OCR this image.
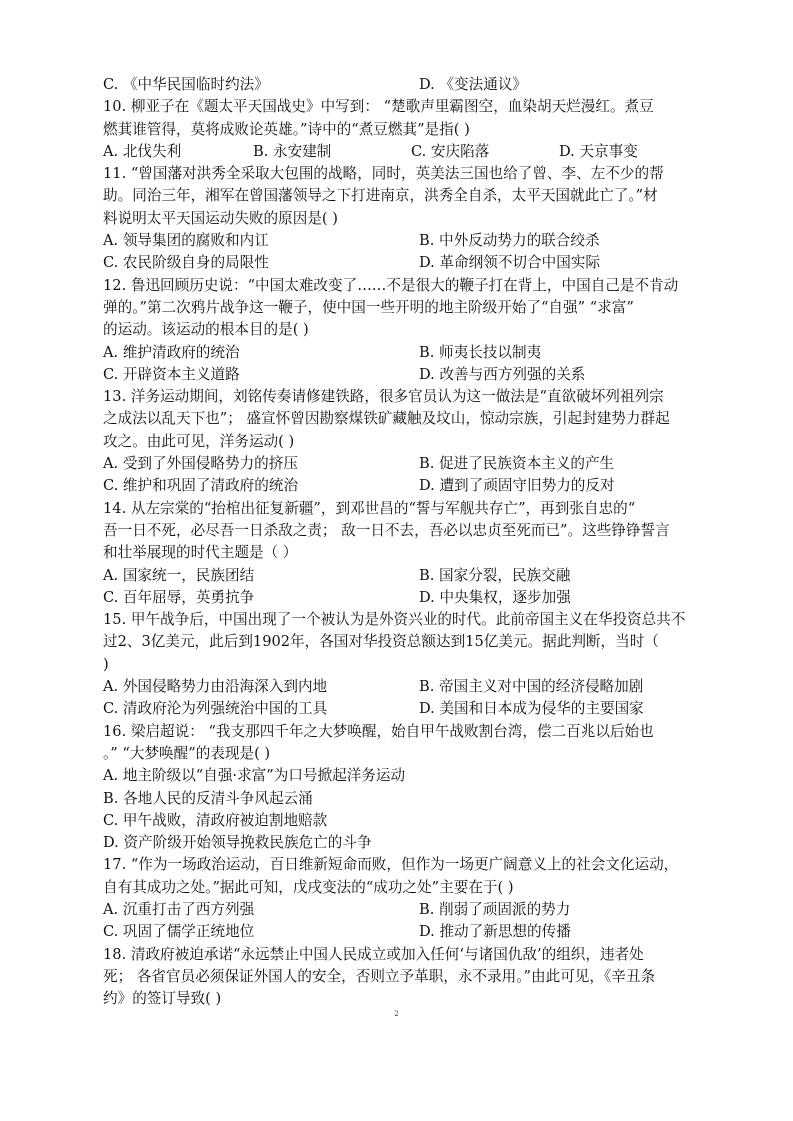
C. 《中华民国临时约法》	D. 《变法通议》
10. 柳亚子在《题太平天国战史》中写到： “楚歌声里霸图空，血染胡天烂漫红。煮豆
燃萁谁管得，莫将成败论英雄。”诗中的“煮豆燃萁”是指( )
A. 北伐失利	B. 永安建制	C. 安庆陷落	D. 天京事变
11. “曾国藩对洪秀全采取大包围的战略，同时，英美法三国也给了曾、李、左不少的帮
助。同治三年，湘军在曾国藩领导之下打进南京，洪秀全自杀，太平天国就此亡了。”材
料说明太平天国运动失败的原因是( )
A. 领导集团的腐败和内讧	B. 中外反动势力的联合绞杀
C. 农民阶级自身的局限性	D. 革命纲领不切合中国实际
12. 鲁迅回顾历史说：“中国太难改变了……不是很大的鞭子打在背上，中国自己是不肯动
弹的。”第二次鸦片战争这一鞭子，使中国一些开明的地主阶级开始了“自强” “求富”
的运动。该运动的根本目的是( )
A. 维护清政府的统治	B. 师夷长技以制夷
C. 开辟资本主义道路	D. 改善与西方列强的关系
13. 洋务运动期间，刘铭传奏请修建铁路，很多官员认为这一做法是“直欲破坏列祖列宗
之成法以乱天下也”； 盛宣怀曾因勘察煤铁矿藏触及坟山，惊动宗族，引起封建势力群起
攻之。由此可见，洋务运动( )
A. 受到了外国侵略势力的挤压	B. 促进了民族资本主义的产生
C. 维护和巩固了清政府的统治	D. 遭到了顽固守旧势力的反对
14. 从左宗棠的“抬棺出征复新疆”，到邓世昌的“誓与军舰共存亡”，再到张自忠的“
吾一日不死，必尽吾一日杀敌之责； 敌一日不去，吾必以忠贞至死而已”。这些铮铮誓言
和壮举展现的时代主题是（ ）
A. 国家统一，民族团结	B. 国家分裂，民族交融
C. 百年屈辱，英勇抗争	D. 中央集权，逐步加强
15. 甲午战争后，中国出现了一个被认为是外资兴业的时代。此前帝国主义在华投资总共不
过2、3亿美元，此后到1902年，各国对华投资总额达到15亿美元。据此判断，当时（
)
A. 外国侵略势力由沿海深入到内地	B. 帝国主义对中国的经济侵略加剧
C. 清政府沦为列强统治中国的工具	D. 美国和日本成为侵华的主要国家
16. 梁启超说： “我支那四千年之大梦唤醒，始自甲午战败割台湾，偿二百兆以后始也
。” “大梦唤醒”的表现是( )
A. 地主阶级以“自强·求富”为口号掀起洋务运动
B. 各地人民的反清斗争风起云涌
C. 甲午战败，清政府被迫割地赔款
D. 资产阶级开始领导挽救民族危亡的斗争
17. “作为一场政治运动，百日维新短命而败，但作为一场更广阔意义上的社会文化运动，
自有其成功之处。”据此可知，戊戌变法的“成功之处”主要在于( )
A. 沉重打击了西方列强	B. 削弱了顽固派的势力
C. 巩固了儒学正统地位	D. 推动了新思想的传播
18. 清政府被迫承诺“永远禁止中国人民成立或加入任何‘与诸国仇敌’的组织，违者处
死； 各省官员必须保证外国人的安全，否则立予革职，永不录用。”由此可见，《辛丑条
约》的签订导致( )
2
